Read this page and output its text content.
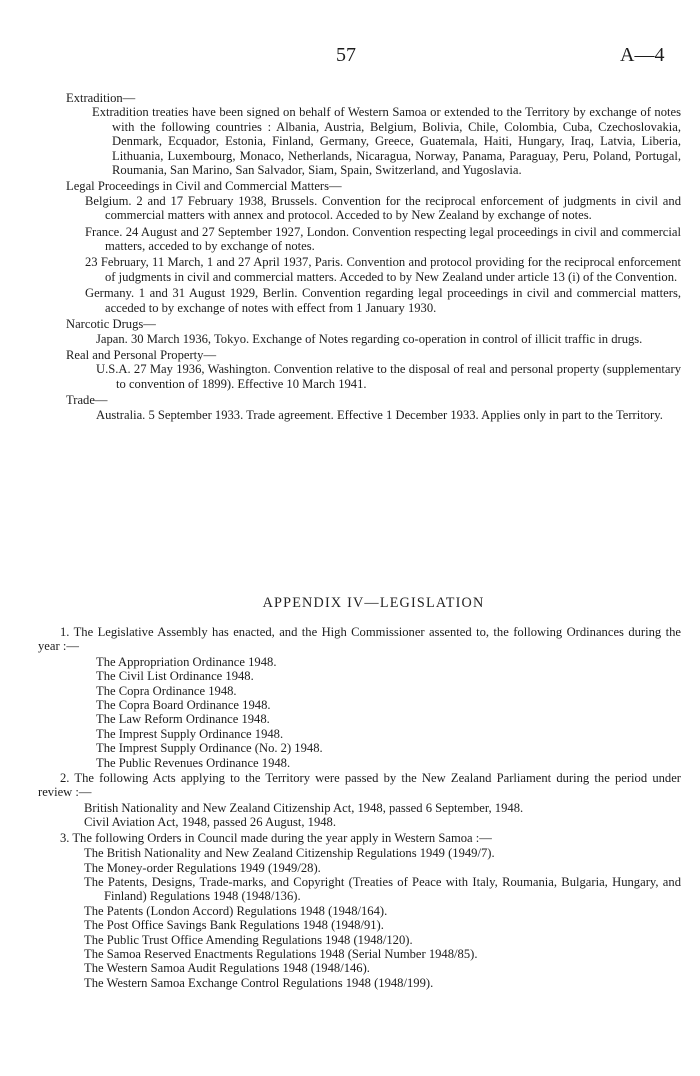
57	A—4
Extradition—
Extradition treaties have been signed on behalf of Western Samoa or extended to the Territory by exchange of notes with the following countries : Albania, Austria, Belgium, Bolivia, Chile, Colombia, Cuba, Czechoslovakia, Denmark, Ecquador, Estonia, Finland, Germany, Greece, Guatemala, Haiti, Hungary, Iraq, Latvia, Liberia, Lithuania, Luxembourg, Monaco, Netherlands, Nicaragua, Norway, Panama, Paraguay, Peru, Poland, Portugal, Roumania, San Marino, San Salvador, Siam, Spain, Switzerland, and Yugoslavia.
Legal Proceedings in Civil and Commercial Matters—
Belgium. 2 and 17 February 1938, Brussels. Convention for the reciprocal enforcement of judgments in civil and commercial matters with annex and protocol. Acceded to by New Zealand by exchange of notes.
France. 24 August and 27 September 1927, London. Convention respecting legal proceedings in civil and commercial matters, acceded to by exchange of notes.
23 February, 11 March, 1 and 27 April 1937, Paris. Convention and protocol providing for the reciprocal enforcement of judgments in civil and commercial matters. Acceded to by New Zealand under article 13 (i) of the Convention.
Germany. 1 and 31 August 1929, Berlin. Convention regarding legal proceedings in civil and commercial matters, acceded to by exchange of notes with effect from 1 January 1930.
Narcotic Drugs—
Japan. 30 March 1936, Tokyo. Exchange of Notes regarding co-operation in control of illicit traffic in drugs.
Real and Personal Property—
U.S.A. 27 May 1936, Washington. Convention relative to the disposal of real and personal property (supplementary to convention of 1899). Effective 10 March 1941.
Trade—
Australia. 5 September 1933. Trade agreement. Effective 1 December 1933. Applies only in part to the Territory.
APPENDIX IV—LEGISLATION
1. The Legislative Assembly has enacted, and the High Commissioner assented to, the following Ordinances during the year :—
The Appropriation Ordinance 1948.
The Civil List Ordinance 1948.
The Copra Ordinance 1948.
The Copra Board Ordinance 1948.
The Law Reform Ordinance 1948.
The Imprest Supply Ordinance 1948.
The Imprest Supply Ordinance (No. 2) 1948.
The Public Revenues Ordinance 1948.
2. The following Acts applying to the Territory were passed by the New Zealand Parliament during the period under review :—
British Nationality and New Zealand Citizenship Act, 1948, passed 6 September, 1948.
Civil Aviation Act, 1948, passed 26 August, 1948.
3. The following Orders in Council made during the year apply in Western Samoa :—
The British Nationality and New Zealand Citizenship Regulations 1949 (1949/7).
The Money-order Regulations 1949 (1949/28).
The Patents, Designs, Trade-marks, and Copyright (Treaties of Peace with Italy, Roumania, Bulgaria, Hungary, and Finland) Regulations 1948 (1948/136).
The Patents (London Accord) Regulations 1948 (1948/164).
The Post Office Savings Bank Regulations 1948 (1948/91).
The Public Trust Office Amending Regulations 1948 (1948/120).
The Samoa Reserved Enactments Regulations 1948 (Serial Number 1948/85).
The Western Samoa Audit Regulations 1948 (1948/146).
The Western Samoa Exchange Control Regulations 1948 (1948/199).
